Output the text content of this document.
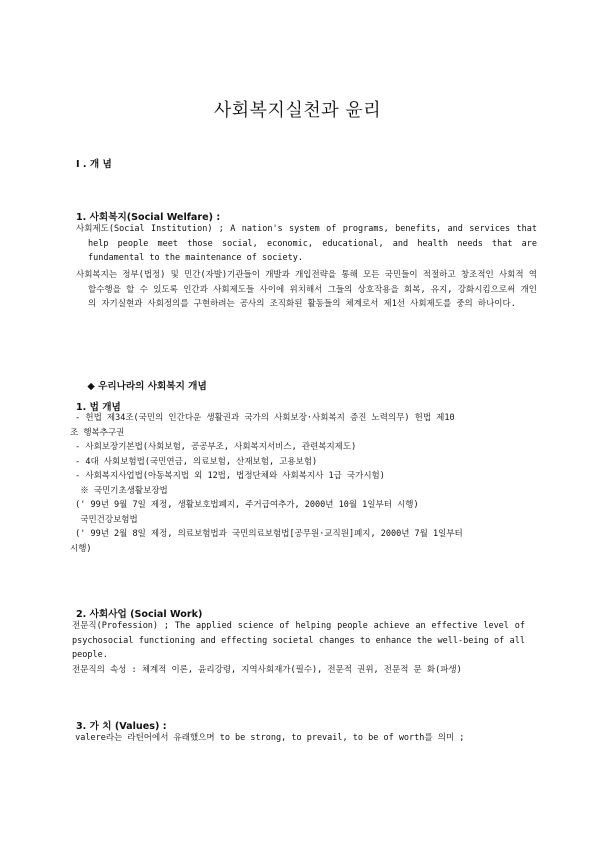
사회복지실천과 윤리
I . 개 념
1. 사회복지(Social Welfare) :
사회제도(Social Institution) ; A nation's system of programs, benefits, and services that help people meet those social, economic, educational, and health needs that are fundamental to the maintenance of society.
사회복지는 정부(법정) 및 민간(자발)기관들이 개발과 개입전략을 통해 모든 국민들이 적절하고 창조적인 사회적 역할수행을 할 수 있도록 인간과 사회제도들 사이에 위치해서 그들의 상호작용을 회복, 유지, 강화시킴으로써 개인의 자기실현과 사회정의를 구현하려는 공사의 조직화된 활동들의 체계로서 제1선 사회제도를 중의 하나이다.

◆ 우리나라의 사회복지 개념

1. 법 개념
- 헌법 제34조(국민의 인간다운 생활권과 국가의 사회보장·사회복지 증진 노력의무) 헌법 제10
조 행복추구권
- 사회보장기본법(사회보험, 공공부조, 사회복지서비스, 관련복지제도)
- 4대 사회보험법(국민연금, 의료보험, 산재보험, 고용보험)
- 사회복지사업법(아동복지법 외 12법, 법정단체와 사회복지사 1급 국가시험)
※ 국민기초생활보장법
(' 99년 9월 7일 제정, 생활보호법폐지, 주거급여추가, 2000년 10월 1일부터 시행)
국민건강보험법
(' 99년 2월 8일 제정, 의료보험법과 국민의료보험법[공무원·교직원]폐지, 2000년 7월 1일부터
시행)
2. 사회사업 (Social Work)
전문직(Profession) ; The applied science of helping people achieve an effective level of psychosocial functioning and effecting societal changes to enhance the well-being of all people.
전문직의 속성 : 체계적 이론, 윤리강령, 지역사회재가(필수), 전문적 권위, 전문적 문 화(파생)
3. 가 치 (Values) :
valere라는 라틴어에서 유래했으며 to be strong, to prevail, to be of worth를 의미 ;
